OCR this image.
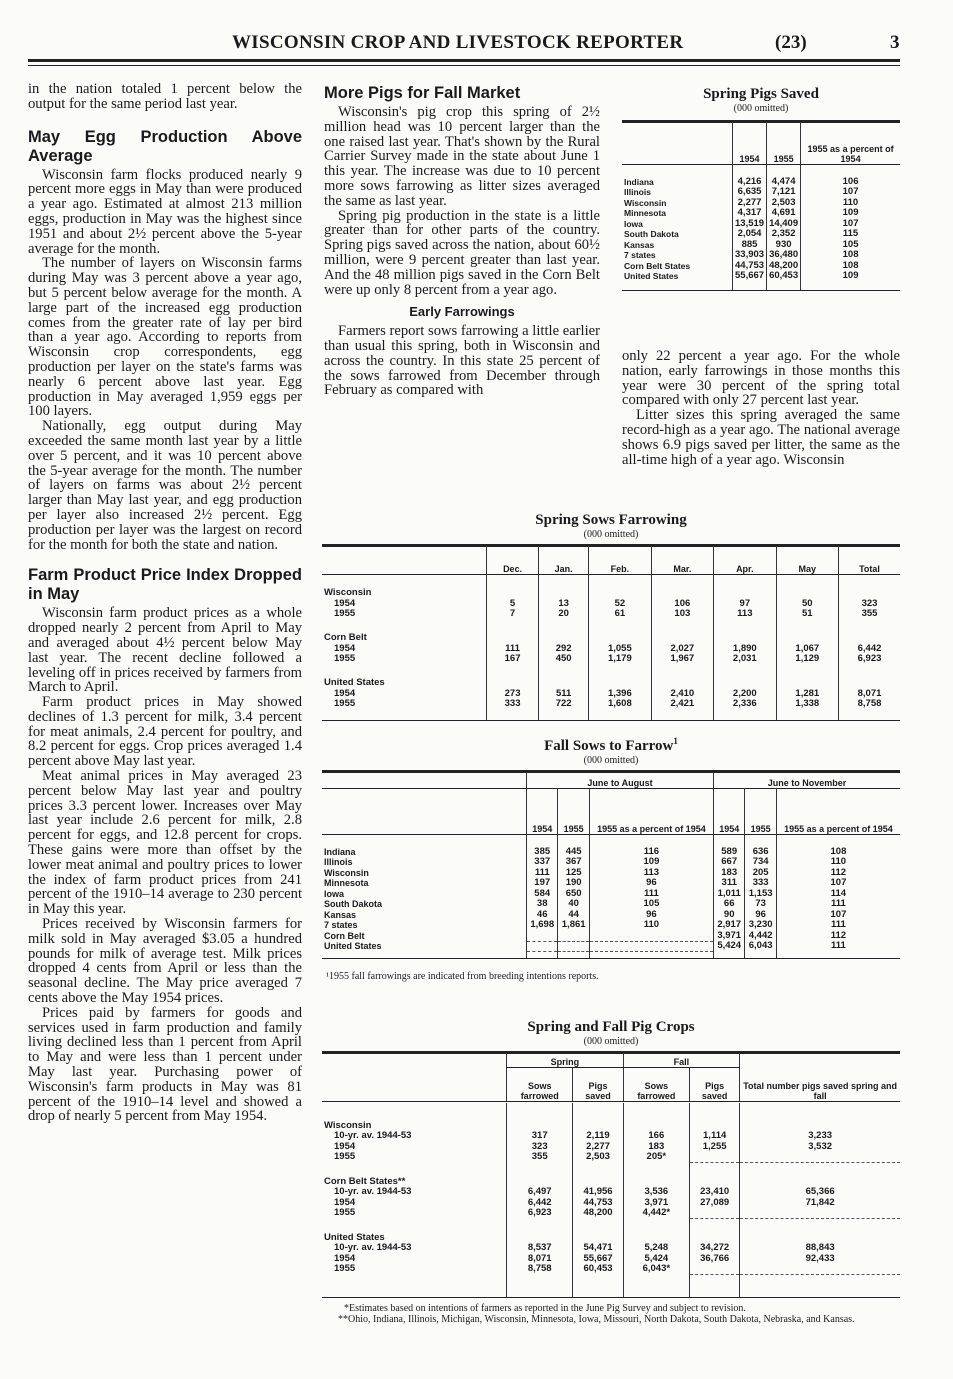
WISCONSIN CROP AND LIVESTOCK REPORTER	(23)	3

in the nation totaled 1 percent below the output for the same period last year.

May Egg Production Above Average

Wisconsin farm flocks produced nearly 9 percent more eggs in May than were produced a year ago. Estimated at almost 213 million eggs, production in May was the highest since 1951 and about 2½ percent above the 5-year average for the month.

The number of layers on Wisconsin farms during May was 3 percent above a year ago, but 5 percent below average for the month. A large part of the increased egg production comes from the greater rate of lay per bird than a year ago. According to reports from Wisconsin crop correspondents, egg production per layer on the state's farms was nearly 6 percent above last year. Egg production in May averaged 1,959 eggs per 100 layers.

Nationally, egg output during May exceeded the same month last year by a little over 5 percent, and it was 10 percent above the 5-year average for the month. The number of layers on farms was about 2½ percent larger than May last year, and egg production per layer also increased 2½ percent. Egg production per layer was the largest on record for the month for both the state and nation.

Farm Product Price Index Dropped in May

Wisconsin farm product prices as a whole dropped nearly 2 percent from April to May and averaged about 4½ percent below May last year. The recent decline followed a leveling off in prices received by farmers from March to April.

Farm product prices in May showed declines of 1.3 percent for milk, 3.4 percent for meat animals, 2.4 percent for poultry, and 8.2 percent for eggs. Crop prices averaged 1.4 percent above May last year.

Meat animal prices in May averaged 23 percent below May last year and poultry prices 3.3 percent lower. Increases over May last year include 2.6 percent for milk, 2.8 percent for eggs, and 12.8 percent for crops. These gains were more than offset by the lower meat animal and poultry prices to lower the index of farm product prices from 241 percent of the 1910–14 average to 230 percent in May this year.

Prices received by Wisconsin farmers for milk sold in May averaged $3.05 a hundred pounds for milk of average test. Milk prices dropped 4 cents from April or less than the seasonal decline. The May price averaged 7 cents above the May 1954 prices.

Prices paid by farmers for goods and services used in farm production and family living declined less than 1 percent from April to May and were less than 1 percent under May last year. Purchasing power of Wisconsin's farm products in May was 81 percent of the 1910–14 level and showed a drop of nearly 5 percent from May 1954.

More Pigs for Fall Market

Wisconsin's pig crop this spring of 2½ million head was 10 percent larger than the one raised last year. That's shown by the Rural Carrier Survey made in the state about June 1 this year. The increase was due to 10 percent more sows farrowing as litter sizes averaged the same as last year.

Spring pig production in the state is a little greater than for other parts of the country. Spring pigs saved across the nation, about 60½ million, were 9 percent greater than last year. And the 48 million pigs saved in the Corn Belt were up only 8 percent from a year ago.

Early Farrowings

Farmers report sows farrowing a little earlier than usual this spring, both in Wisconsin and across the country. In this state 25 percent of the sows farrowed from December through February as compared with

Spring Pigs Saved
(000 omitted)
	1954	1955	1955 as a percent of 1954

Indiana	4,216	4,474	106
Illinois	6,635	7,121	107
Wisconsin	2,277	2,503	110
Minnesota	4,317	4,691	109
Iowa	13,519	14,409	107
South Dakota	2,054	2,352	115
Kansas	885	930	105
7 states	33,903	36,480	108
Corn Belt States	44,753	48,200	108
United States	55,667	60,453	109

only 22 percent a year ago. For the whole nation, early farrowings in those months this year were 30 percent of the spring total compared with only 27 percent last year.

Litter sizes this spring averaged the same record-high as a year ago. The national average shows 6.9 pigs saved per litter, the same as the all-time high of a year ago. Wisconsin

Spring Sows Farrowing
(000 omitted)
	Dec.	Jan.	Feb.	Mar.	Apr.	May	Total

Wisconsin							
1954	5	13	52	106	97	50	323
1955	7	20	61	103	113	51	355

Corn Belt							
1954	111	292	1,055	2,027	1,890	1,067	6,442
1955	167	450	1,179	1,967	2,031	1,129	6,923

United States							
1954	273	511	1,396	2,410	2,200	1,281	8,071
1955	333	722	1,608	2,421	2,336	1,338	8,758

Fall Sows to Farrow$^1$
(000 omitted)
	June to August			June to November		
	1954	1955	1955 as a percent of 1954	1954	1955	1955 as a percent of 1954

Indiana	385	445	116	589	636	108
Illinois	337	367	109	667	734	110
Wisconsin	111	125	113	183	205	112
Minnesota	197	190	96	311	333	107
Iowa	584	650	111	1,011	1,153	114
South Dakota	38	40	105	66	73	111
Kansas	46	44	96	90	96	107
7 states	1,698	1,861	110	2,917	3,230	111
Corn Belt				3,971	4,442	112
United States				5,424	6,043	111

¹1955 fall farrowings are indicated from breeding intentions reports.
Spring and Fall Pig Crops
(000 omitted)
	Spring		Fall		Total number pigs saved spring and fall
	Sows farrowed	Pigs saved	Sows farrowed	Pigs saved	

Wisconsin					
10-yr. av. 1944-53	317	2,119	166	1,114	3,233
1954	323	2,277	183	1,255	3,532
1955	355	2,503	205*		

Corn Belt States**					
10-yr. av. 1944-53	6,497	41,956	3,536	23,410	65,366
1954	6,442	44,753	3,971	27,089	71,842
1955	6,923	48,200	4,442*		

United States					
10-yr. av. 1944-53	8,537	54,471	5,248	34,272	88,843
1954	8,071	55,667	5,424	36,766	92,433
1955	8,758	60,453	6,043*		

*Estimates based on intentions of farmers as reported in the June Pig Survey and subject to revision.
**Ohio, Indiana, Illinois, Michigan, Wisconsin, Minnesota, Iowa, Missouri, North Dakota, South Dakota, Nebraska, and Kansas.
